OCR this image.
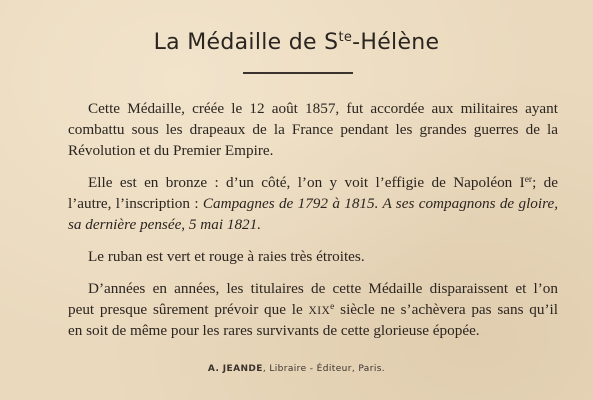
La Médaille de $S^{te}$-Hélène
Cette Médaille, créée le 12 août 1857, fut accordée aux militaires ayant
combattu sous les drapeaux de la France pendant les grandes guerres de la
Révolution et du Premier Empire.
Elle est en bronze : d’un côté, l’on y voit l’effigie de Napoléon Ier; de
l’autre, l’inscription : Campagnes de 1792 à 1815. A ses compagnons de gloire,
sa dernière pensée, 5 mai 1821.
Le ruban est vert et rouge à raies très étroites.
D’années en années, les titulaires de cette Médaille disparaissent et l’on
peut presque sûrement prévoir que le XIXe siècle ne s’achèvera pas sans qu’il
en soit de même pour les rares survivants de cette glorieuse épopée.
A. JEANDE, Libraire - Éditeur, Paris.
